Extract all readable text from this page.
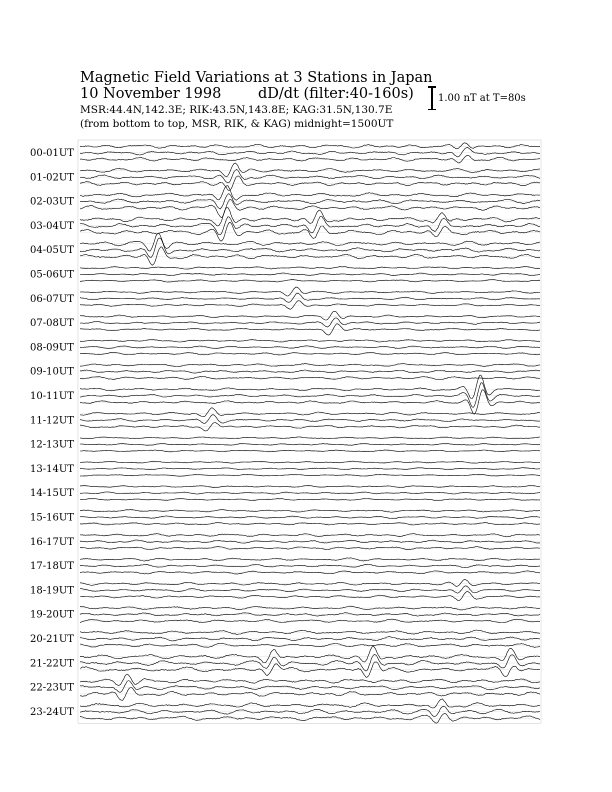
Magnetic Field Variations at 3 Stations in Japan
10 November 1998	dD/dt (filter:40-160s)
MSR:44.4N,142.3E; RIK:43.5N,143.8E; KAG:31.5N,130.7E
(from bottom to top, MSR, RIK, & KAG) midnight=1500UT
1.00 nT at T=80s
00-01UT
01-02UT
02-03UT
03-04UT
04-05UT
05-06UT
06-07UT
07-08UT
08-09UT
09-10UT
10-11UT
11-12UT
12-13UT
13-14UT
14-15UT
15-16UT
16-17UT
17-18UT
18-19UT
19-20UT
20-21UT
21-22UT
22-23UT
23-24UT
